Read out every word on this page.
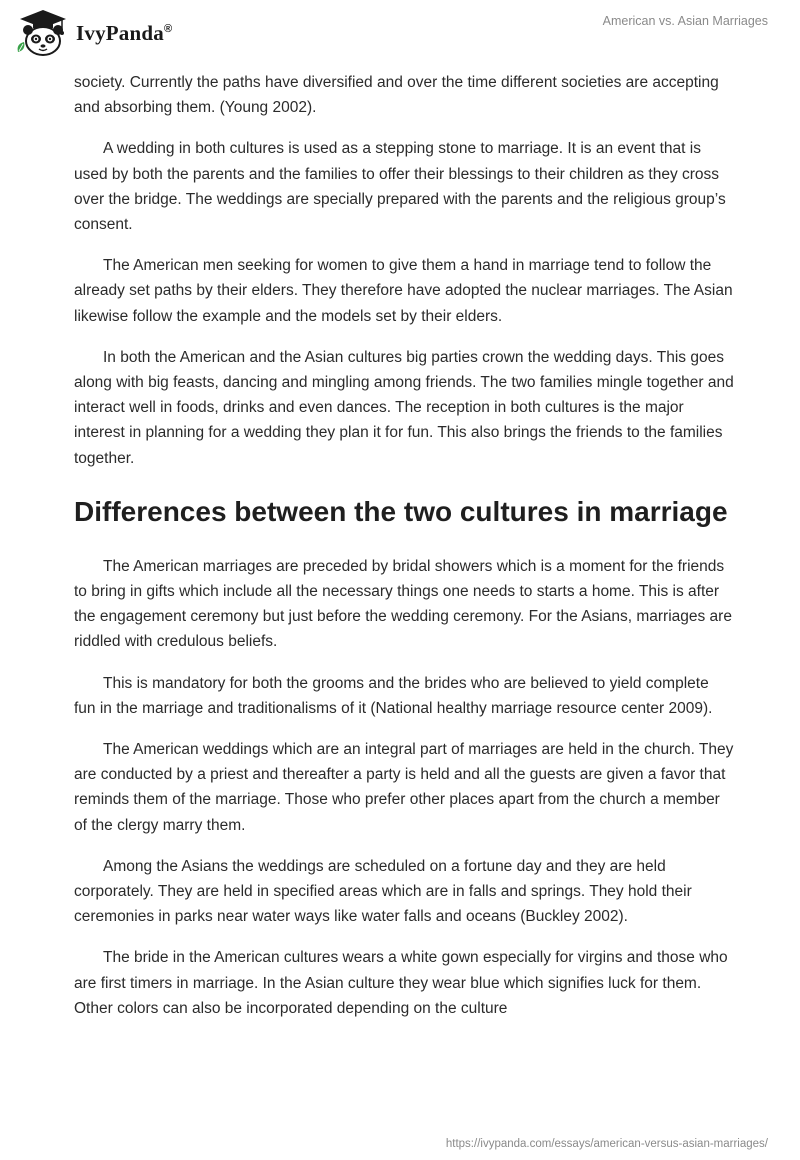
IvyPanda®
American vs. Asian Marriages

society. Currently the paths have diversified and over the time different societies are accepting and absorbing them. (Young 2002).

A wedding in both cultures is used as a stepping stone to marriage. It is an event that is used by both the parents and the families to offer their blessings to their children as they cross over the bridge. The weddings are specially prepared with the parents and the religious group’s consent.

The American men seeking for women to give them a hand in marriage tend to follow the already set paths by their elders. They therefore have adopted the nuclear marriages. The Asian likewise follow the example and the models set by their elders.

In both the American and the Asian cultures big parties crown the wedding days. This goes along with big feasts, dancing and mingling among friends. The two families mingle together and interact well in foods, drinks and even dances. The reception in both cultures is the major interest in planning for a wedding they plan it for fun. This also brings the friends to the families together.

Differences between the two cultures in marriage

The American marriages are preceded by bridal showers which is a moment for the friends to bring in gifts which include all the necessary things one needs to starts a home. This is after the engagement ceremony but just before the wedding ceremony. For the Asians, marriages are riddled with credulous beliefs.

This is mandatory for both the grooms and the brides who are believed to yield complete fun in the marriage and traditionalisms of it (National healthy marriage resource center 2009).

The American weddings which are an integral part of marriages are held in the church. They are conducted by a priest and thereafter a party is held and all the guests are given a favor that reminds them of the marriage. Those who prefer other places apart from the church a member of the clergy marry them.

Among the Asians the weddings are scheduled on a fortune day and they are held corporately. They are held in specified areas which are in falls and springs. They hold their ceremonies in parks near water ways like water falls and oceans (Buckley 2002).

The bride in the American cultures wears a white gown especially for virgins and those who are first timers in marriage. In the Asian culture they wear blue which signifies luck for them. Other colors can also be incorporated depending on the culture

https://ivypanda.com/essays/american-versus-asian-marriages/
